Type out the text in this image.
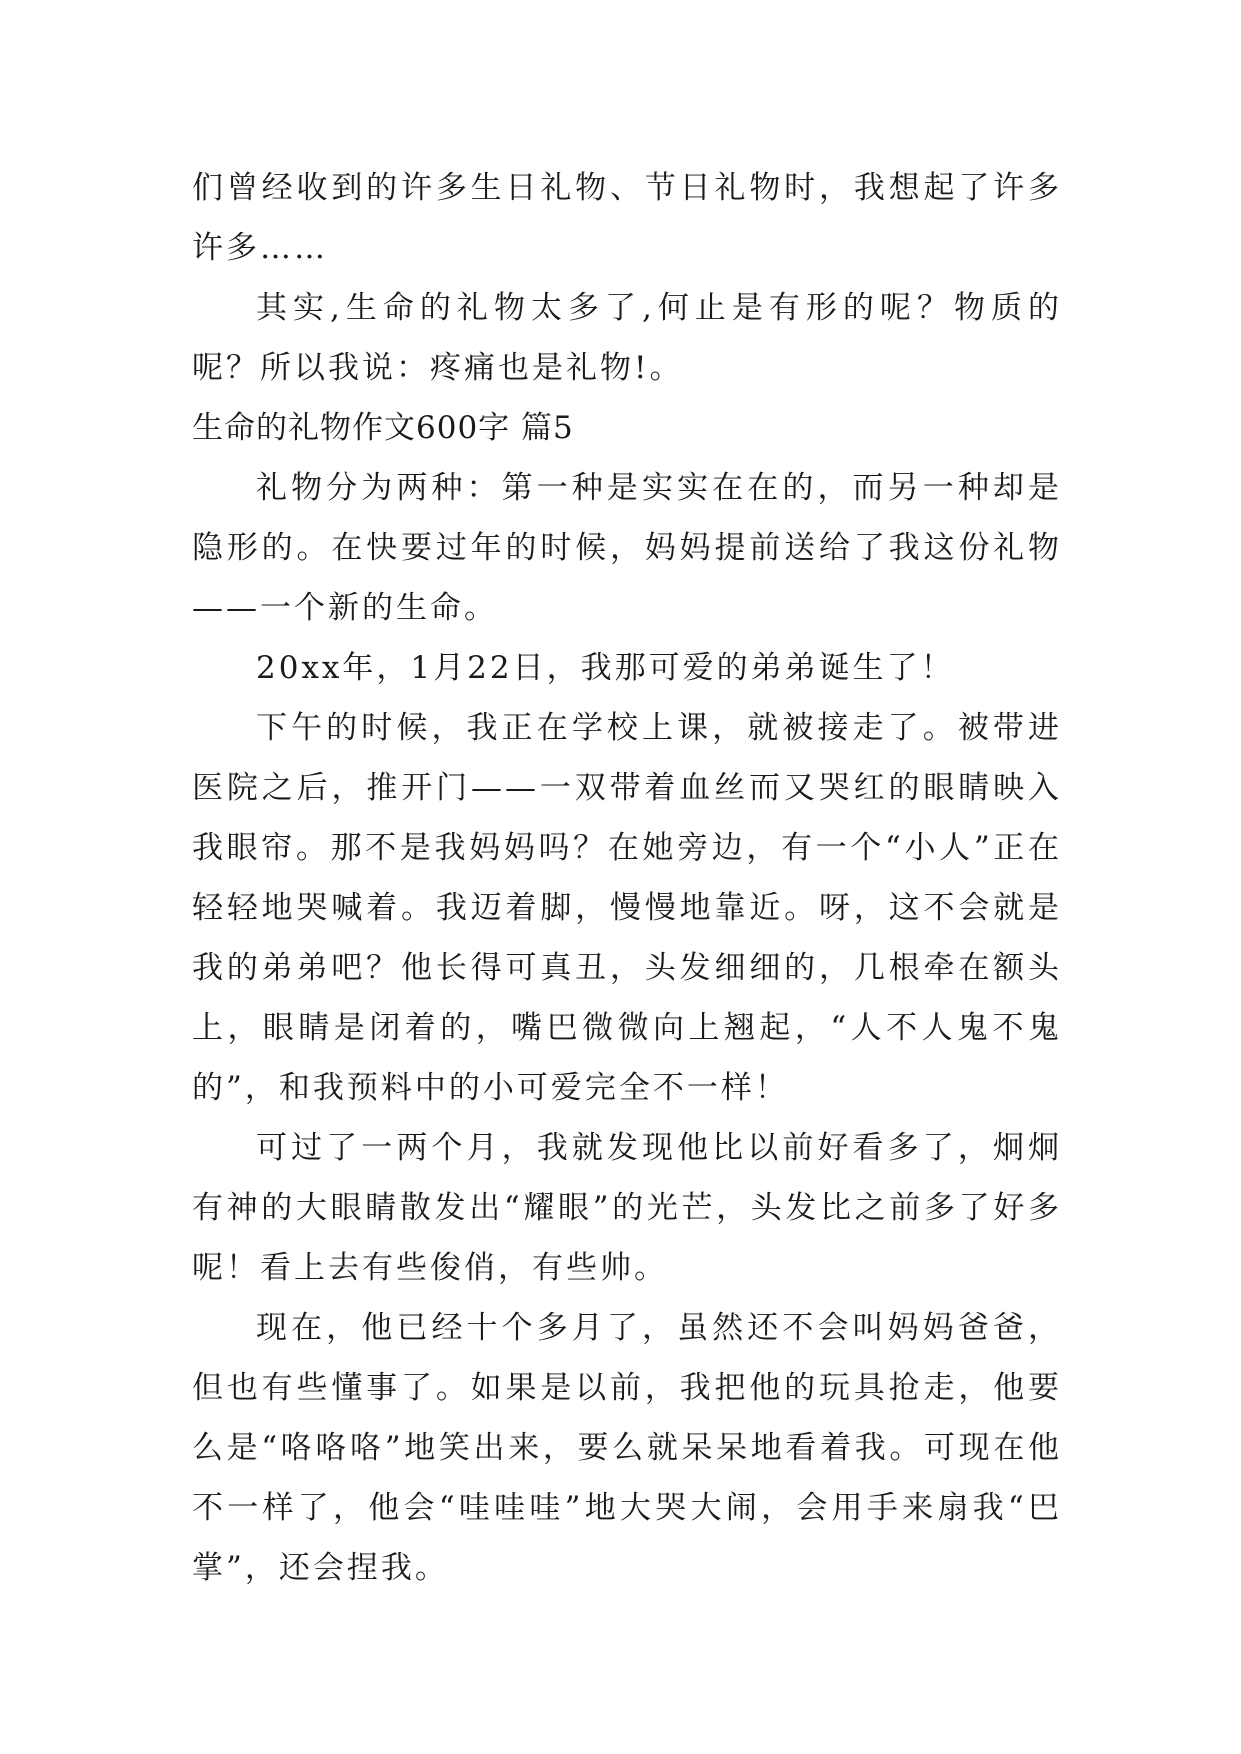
们曾经收到的许多生日礼物、节日礼物时，我想起了许多许多……

其实,生命的礼物太多了,何止是有形的呢？物质的呢？所以我说：疼痛也是礼物!。

生命的礼物作文600字 篇5

礼物分为两种：第一种是实实在在的，而另一种却是隐形的。在快要过年的时候，妈妈提前送给了我这份礼物——一个新的生命。

20xx年，1月22日，我那可爱的弟弟诞生了！

下午的时候，我正在学校上课，就被接走了。被带进医院之后，推开门——一双带着血丝而又哭红的眼睛映入我眼帘。那不是我妈妈吗？在她旁边，有一个“小人”正在轻轻地哭喊着。我迈着脚，慢慢地靠近。呀，这不会就是我的弟弟吧？他长得可真丑，头发细细的，几根牵在额头上，眼睛是闭着的，嘴巴微微向上翘起，“人不人鬼不鬼的”，和我预料中的小可爱完全不一样！

可过了一两个月，我就发现他比以前好看多了，炯炯有神的大眼睛散发出“耀眼”的光芒，头发比之前多了好多呢！看上去有些俊俏，有些帅。

现在，他已经十个多月了，虽然还不会叫妈妈爸爸，但也有些懂事了。如果是以前，我把他的玩具抢走，他要么是“咯咯咯”地笑出来，要么就呆呆地看着我。可现在他不一样了，他会“哇哇哇”地大哭大闹，会用手来扇我“巴掌”，还会捏我。
